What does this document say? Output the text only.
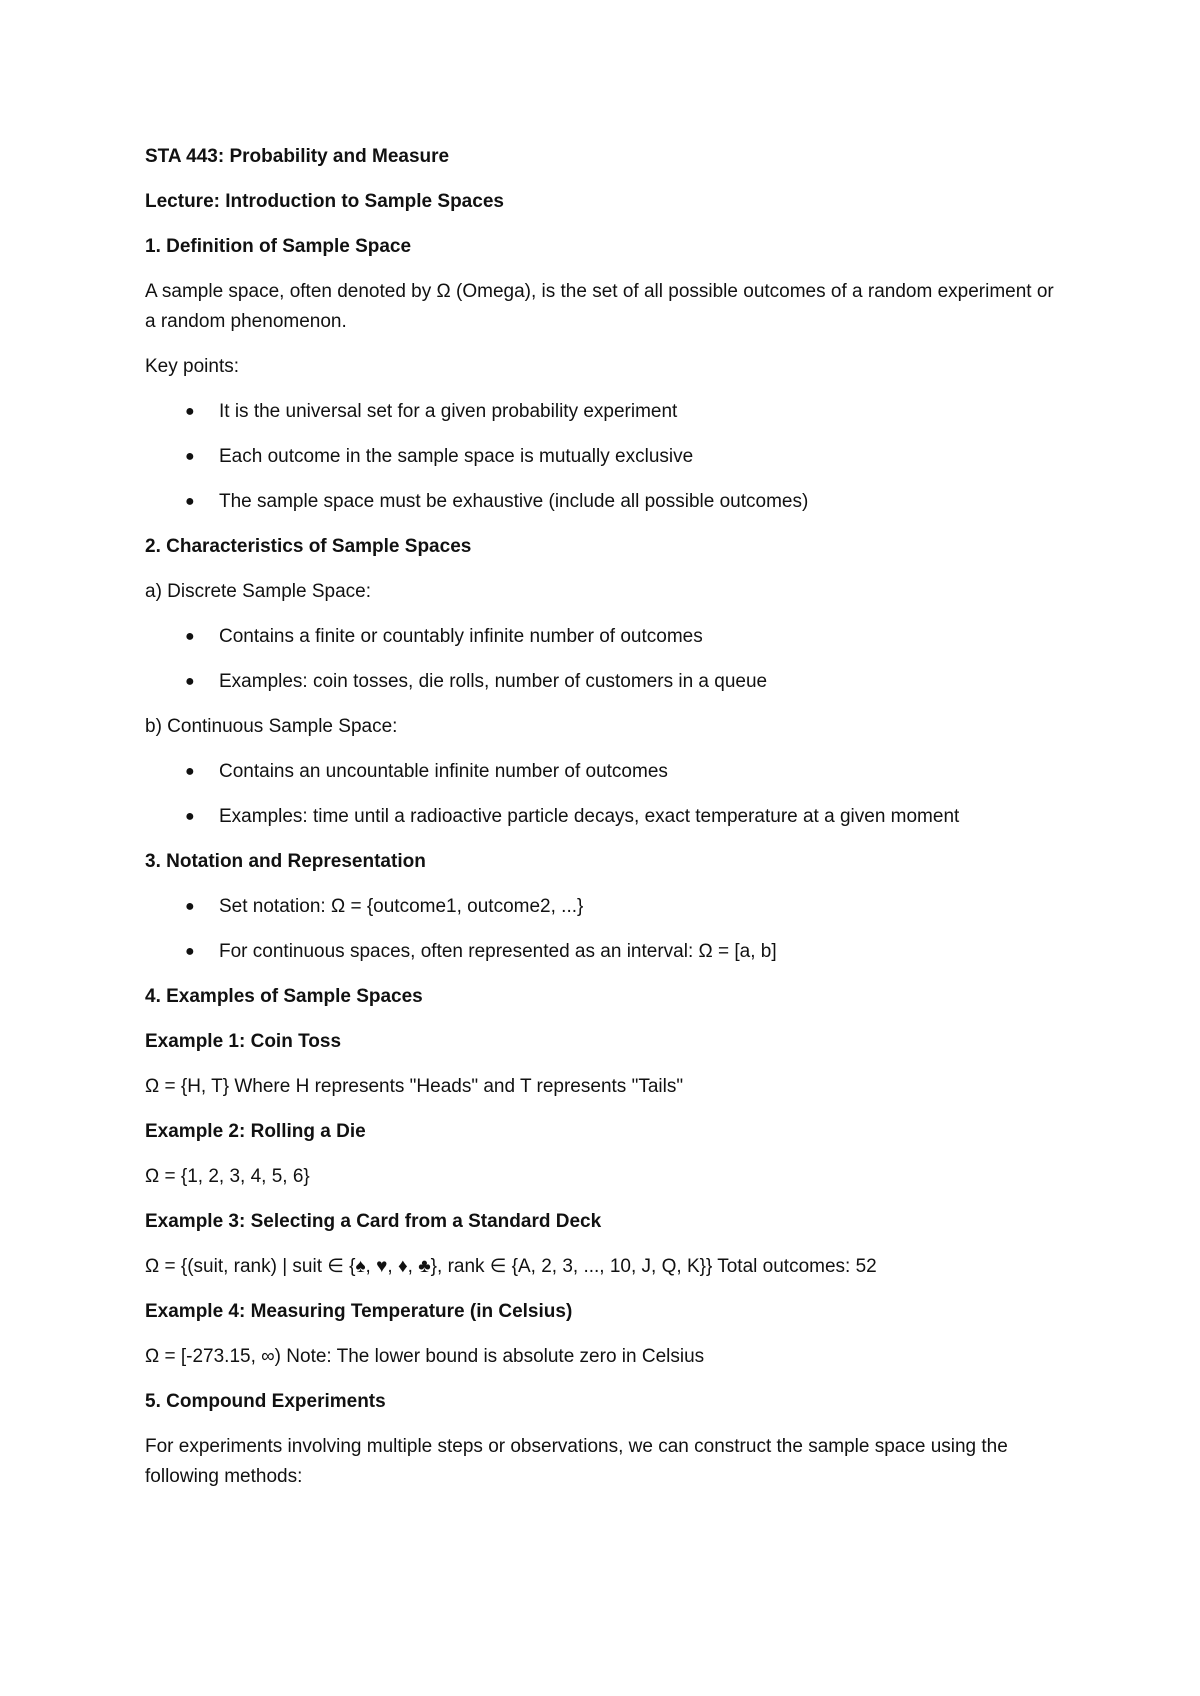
STA 443: Probability and Measure
Lecture: Introduction to Sample Spaces
1. Definition of Sample Space
A sample space, often denoted by Ω (Omega), is the set of all possible outcomes of a random experiment or a random phenomenon.
Key points:
● It is the universal set for a given probability experiment
● Each outcome in the sample space is mutually exclusive
● The sample space must be exhaustive (include all possible outcomes)
2. Characteristics of Sample Spaces
a) Discrete Sample Space:
● Contains a finite or countably infinite number of outcomes
● Examples: coin tosses, die rolls, number of customers in a queue
b) Continuous Sample Space:
● Contains an uncountable infinite number of outcomes
● Examples: time until a radioactive particle decays, exact temperature at a given moment
3. Notation and Representation
● Set notation: Ω = {outcome1, outcome2, ...}
● For continuous spaces, often represented as an interval: Ω = [a, b]
4. Examples of Sample Spaces
Example 1: Coin Toss
Ω = {H, T} Where H represents "Heads" and T represents "Tails"
Example 2: Rolling a Die
Ω = {1, 2, 3, 4, 5, 6}
Example 3: Selecting a Card from a Standard Deck
Ω = {(suit, rank) | suit ∈ {♠, ♥, ♦, ♣}, rank ∈ {A, 2, 3, ..., 10, J, Q, K}} Total outcomes: 52
Example 4: Measuring Temperature (in Celsius)
Ω = [-273.15, ∞) Note: The lower bound is absolute zero in Celsius
5. Compound Experiments
For experiments involving multiple steps or observations, we can construct the sample space using the following methods:
